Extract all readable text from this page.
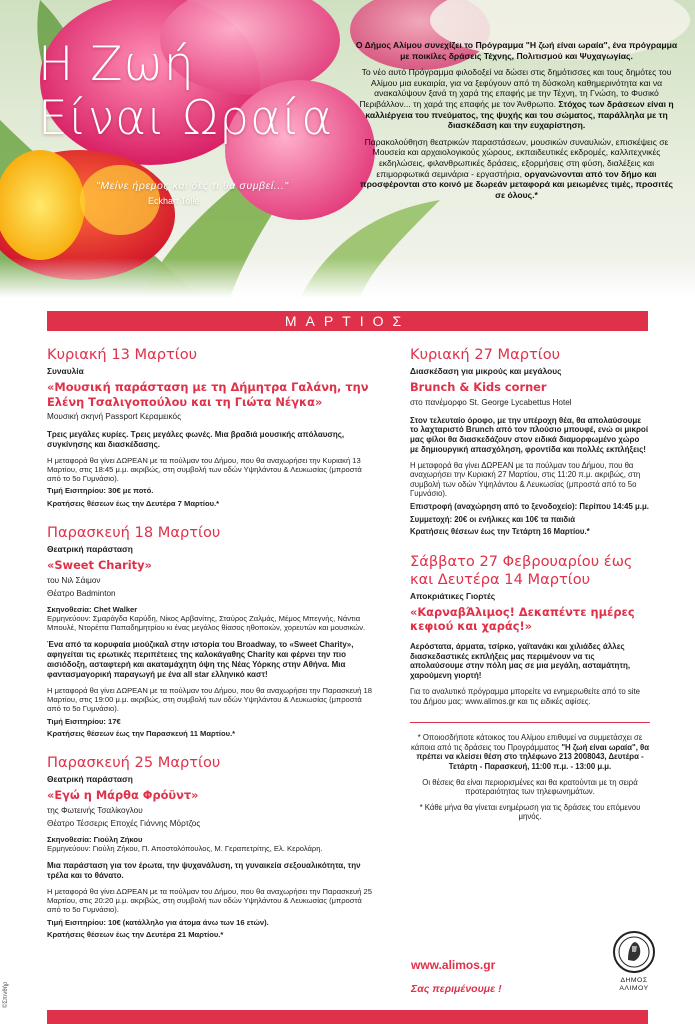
Η Ζωή
Είναι Ωραία
"Μείνε ήρεμος και δες τι θα συμβεί..."
Eckhart Tolle

Ο Δήμος Αλίμου συνεχίζει το Πρόγραμμα "Η ζωή είναι ωραία", ένα πρόγραμμα με ποικίλες δράσεις Τέχνης, Πολιτισμού και Ψυχαγωγίας.

Το νέο αυτό Πρόγραμμα φιλοδοξεί να δώσει στις δημότισσες και τους δημότες του Αλίμου μια ευκαιρία, για να ξεφύγουν από τη δύσκολη καθημερινότητα και να ανακαλύψουν ξανά τη χαρά της επαφής με την Τέχνη, τη Γνώση, το Φυσικό Περιβάλλον... τη χαρά της επαφής με τον Άνθρωπο. Στόχος των δράσεων είναι η καλλιέργεια του πνεύματος, της ψυχής και του σώματος, παράλληλα με τη διασκέδαση και την ευχαρίστηση.

Παρακολούθηση θεατρικών παραστάσεων, μουσικών συναυλιών, επισκέψεις σε Μουσεία και αρχαιολογικούς χώρους, εκπαιδευτικές εκδρομές, καλλιτεχνικές εκδηλώσεις, φιλανθρωπικές δράσεις, εξορμήσεις στη φύση, διαλέξεις και επιμορφωτικά σεμινάρια - εργαστήρια, οργανώνονται από τον δήμο και προσφέρονται στο κοινό με δωρεάν μεταφορά και μειωμένες τιμές, προσιτές σε όλους.*

ΜΑΡΤΙΟΣ
Κυριακή 13 Μαρτίου
Συναυλία
«Μουσική παράσταση με τη Δήμητρα Γαλάνη, την Ελένη Τσαλιγοπούλου και τη Γιώτα Νέγκα»
Μουσική σκηνή Passport Κεραμεικός
Τρεις μεγάλες κυρίες. Τρεις μεγάλες φωνές. Μια βραδιά μουσικής απόλαυσης, συγκίνησης και διασκέδασης.
Η μεταφορά θα γίνει ΔΩΡΕΑΝ με τα πούλμαν του Δήμου, που θα αναχωρήσει την Κυριακή 13 Μαρτίου, στις 18:45 μ.μ. ακριβώς, στη συμβολή των οδών Υψηλάντου & Λευκωσίας (μπροστά από το 5ο Γυμνάσιο).
Τιμή Εισιτηρίου: 30€ με ποτό.
Κρατήσεις θέσεων έως την Δευτέρα 7 Μαρτίου.*
Παρασκευή 18 Μαρτίου
Θεατρική παράσταση
«Sweet Charity»
του Νιλ Σάιμον
Θέατρο Badminton
Σκηνοθεσία: Chet Walker
Ερμηνεύουν: Σμαράγδα Καρύδη, Νίκος Αρβανίτης, Σταύρος Ζαλμάς, Μέμος Μπεγνής, Νάντια Μπουλέ, Ντορέττα Παπαδημητρίου κι ένας μεγάλος θίασος ηθοποιών, χορευτών και μουσικών.
Ένα από τα κορυφαία μιούζικαλ στην ιστορία του Broadway, το «Sweet Charity», αφηγείται τις ερωτικές περιπέτειες της καλοκάγαθης Charity και φέρνει την πιο αισιόδοξη, ασταφτερή και ακαταμάχητη όψη της Νέας Υόρκης στην Αθήνα. Μια φαντασμαγορική παραγωγή με ένα all star ελληνικό καστ!
Η μεταφορά θα γίνει ΔΩΡΕΑΝ με τα πούλμαν του Δήμου, που θα αναχωρήσει την Παρασκευή 18 Μαρτίου, στις 19:00 μ.μ. ακριβώς, στη συμβολή των οδών Υψηλάντου & Λευκωσίας (μπροστά από το 5ο Γυμνάσιο).
Τιμή Εισιτηρίου: 17€
Κρατήσεις θέσεων έως την Παρασκευή 11 Μαρτίου.*
Παρασκευή 25 Μαρτίου
Θεατρική παράσταση
«Εγώ η Μάρθα Φρόϋντ»
της Φωτεινής Τσαλίκογλου
Θέατρο Τέσσερις Εποχές Γιάννης Μόρτζος
Σκηνοθεσία: Γιούλη Ζήκου
Ερμηνεύουν: Γιούλη Ζήκου, Π. Αποστολόπουλος, Μ. Γεραπετρίτης, Ελ. Κερολάρη.
Μια παράσταση για τον έρωτα, την ψυχανάλυση, τη γυναικεία σεξουαλικότητα, την τρέλα και το θάνατο.
Η μεταφορά θα γίνει ΔΩΡΕΑΝ με τα πούλμαν του Δήμου, που θα αναχωρήσει την Παρασκευή 25 Μαρτίου, στις 20:20 μ.μ. ακριβώς, στη συμβολή των οδών Υψηλάντου & Λευκωσίας (μπροστά από το 5ο Γυμνάσιο).
Τιμή Εισιτηρίου: 10€ (κατάλληλο για άτομα άνω των 16 ετών).
Κρατήσεις θέσεων έως την Δευτέρα 21 Μαρτίου.*
Κυριακή 27 Μαρτίου
Διασκέδαση για μικρούς και μεγάλους
Brunch & Kids corner
στο πανέμορφο St. George Lycabettus Hotel
Στον τελευταίο όροφο, με την υπέροχη θέα, θα απολαύσουμε το λαχταριστό Brunch από τον πλούσιο μπουφέ, ενώ οι μικροί μας φίλοι θα διασκεδάζουν στον ειδικά διαμορφωμένο χώρο με δημιουργική απασχόληση, φροντίδα και πολλές εκπλήξεις!
Η μεταφορά θα γίνει ΔΩΡΕΑΝ με τα πούλμαν του Δήμου, που θα αναχωρήσει την Κυριακή 27 Μαρτίου, στις 11:20 π.μ. ακριβώς, στη συμβολή των οδών Υψηλάντου & Λευκωσίας (μπροστά από το 5ο Γυμνάσιο).
Επιστροφή (αναχώρηση από το ξενοδοχείο): Περίπου 14:45 μ.μ.
Συμμετοχή: 20€ οι ενήλικες και 10€ τα παιδιά
Κρατήσεις θέσεων έως την Τετάρτη 16 Μαρτίου.*
Σάββατο 27 Φεβρουαρίου έως και Δευτέρα 14 Μαρτίου
Αποκριάτικες Γιορτές
«ΚαρναβΆλιμος! Δεκαπέντε ημέρες κεφιού και χαράς!»
Αερόστατα, άρματα, τσίρκο, γαϊτανάκι και χιλιάδες άλλες διασκεδαστικές εκπλήξεις μας περιμένουν να τις απολαύσουμε στην πόλη μας σε μια μεγάλη, ασταμάτητη, χαρούμενη γιορτή!
Για το αναλυτικό πρόγραμμα μπορείτε να ενημερωθείτε από το site του Δήμου μας: www.alimos.gr και τις ειδικές αφίσες.

* Οποιοσδήποτε κάτοικος του Αλίμου επιθυμεί να συμμετάσχει σε κάποια από τις δράσεις του Προγράμματος "Η ζωή είναι ωραία", θα πρέπει να κλείσει θέση στο τηλέφωνο 213 2008043, Δευτέρα - Τετάρτη - Παρασκευή, 11:00 π.μ. - 13:00 μ.μ.

Οι θέσεις θα είναι περιορισμένες και θα κρατούνται με τη σειρά προτεραιότητας των τηλεφωνημάτων.

* Κάθε μήνα θα γίνεται ενημέρωση για τις δράσεις του επόμενου μηνός.

www.alimos.gr
Σας περιμένουμε !
ΔΗΜΟΣ
ΑΛΙΜΟΥ
©Σπινθήρ
